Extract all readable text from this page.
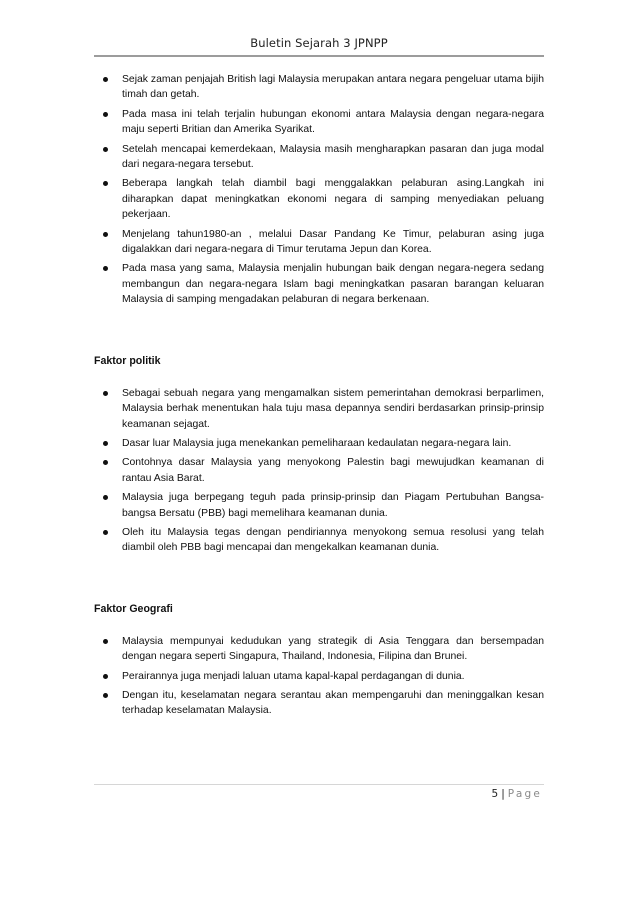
Buletin Sejarah 3 JPNPP
Sejak zaman penjajah British lagi Malaysia merupakan antara negara pengeluar utama bijih timah dan getah.
Pada masa ini telah terjalin hubungan ekonomi antara Malaysia dengan negara-negara maju seperti Britian dan Amerika Syarikat.
Setelah mencapai kemerdekaan, Malaysia masih mengharapkan pasaran dan juga modal dari negara-negara tersebut.
Beberapa langkah telah diambil bagi menggalakkan pelaburan asing.Langkah ini diharapkan dapat meningkatkan ekonomi negara di samping menyediakan peluang pekerjaan.
Menjelang tahun1980-an , melalui Dasar Pandang Ke Timur, pelaburan asing juga digalakkan dari negara-negara di Timur terutama Jepun dan Korea.
Pada masa yang sama, Malaysia menjalin hubungan baik dengan negara-negera sedang membangun dan negara-negara Islam bagi meningkatkan pasaran barangan keluaran Malaysia di samping mengadakan pelaburan di negara berkenaan.
Faktor politik
Sebagai sebuah negara yang mengamalkan sistem pemerintahan demokrasi berparlimen, Malaysia berhak menentukan hala tuju masa depannya sendiri berdasarkan prinsip-prinsip keamanan sejagat.
Dasar luar Malaysia juga menekankan pemeliharaan kedaulatan negara-negara lain.
Contohnya dasar Malaysia yang menyokong Palestin bagi mewujudkan keamanan di rantau Asia Barat.
Malaysia juga berpegang teguh pada prinsip-prinsip dan Piagam Pertubuhan Bangsa-bangsa Bersatu (PBB) bagi memelihara keamanan dunia.
Oleh itu Malaysia tegas dengan pendiriannya menyokong semua resolusi yang telah diambil oleh PBB bagi mencapai dan mengekalkan keamanan dunia.
Faktor Geografi
Malaysia mempunyai kedudukan yang strategik di Asia Tenggara dan bersempadan dengan negara seperti Singapura, Thailand, Indonesia, Filipina dan Brunei.
Perairannya juga menjadi laluan utama kapal-kapal perdagangan di dunia.
Dengan itu, keselamatan negara serantau akan mempengaruhi dan meninggalkan kesan terhadap keselamatan Malaysia.
5 | Page
